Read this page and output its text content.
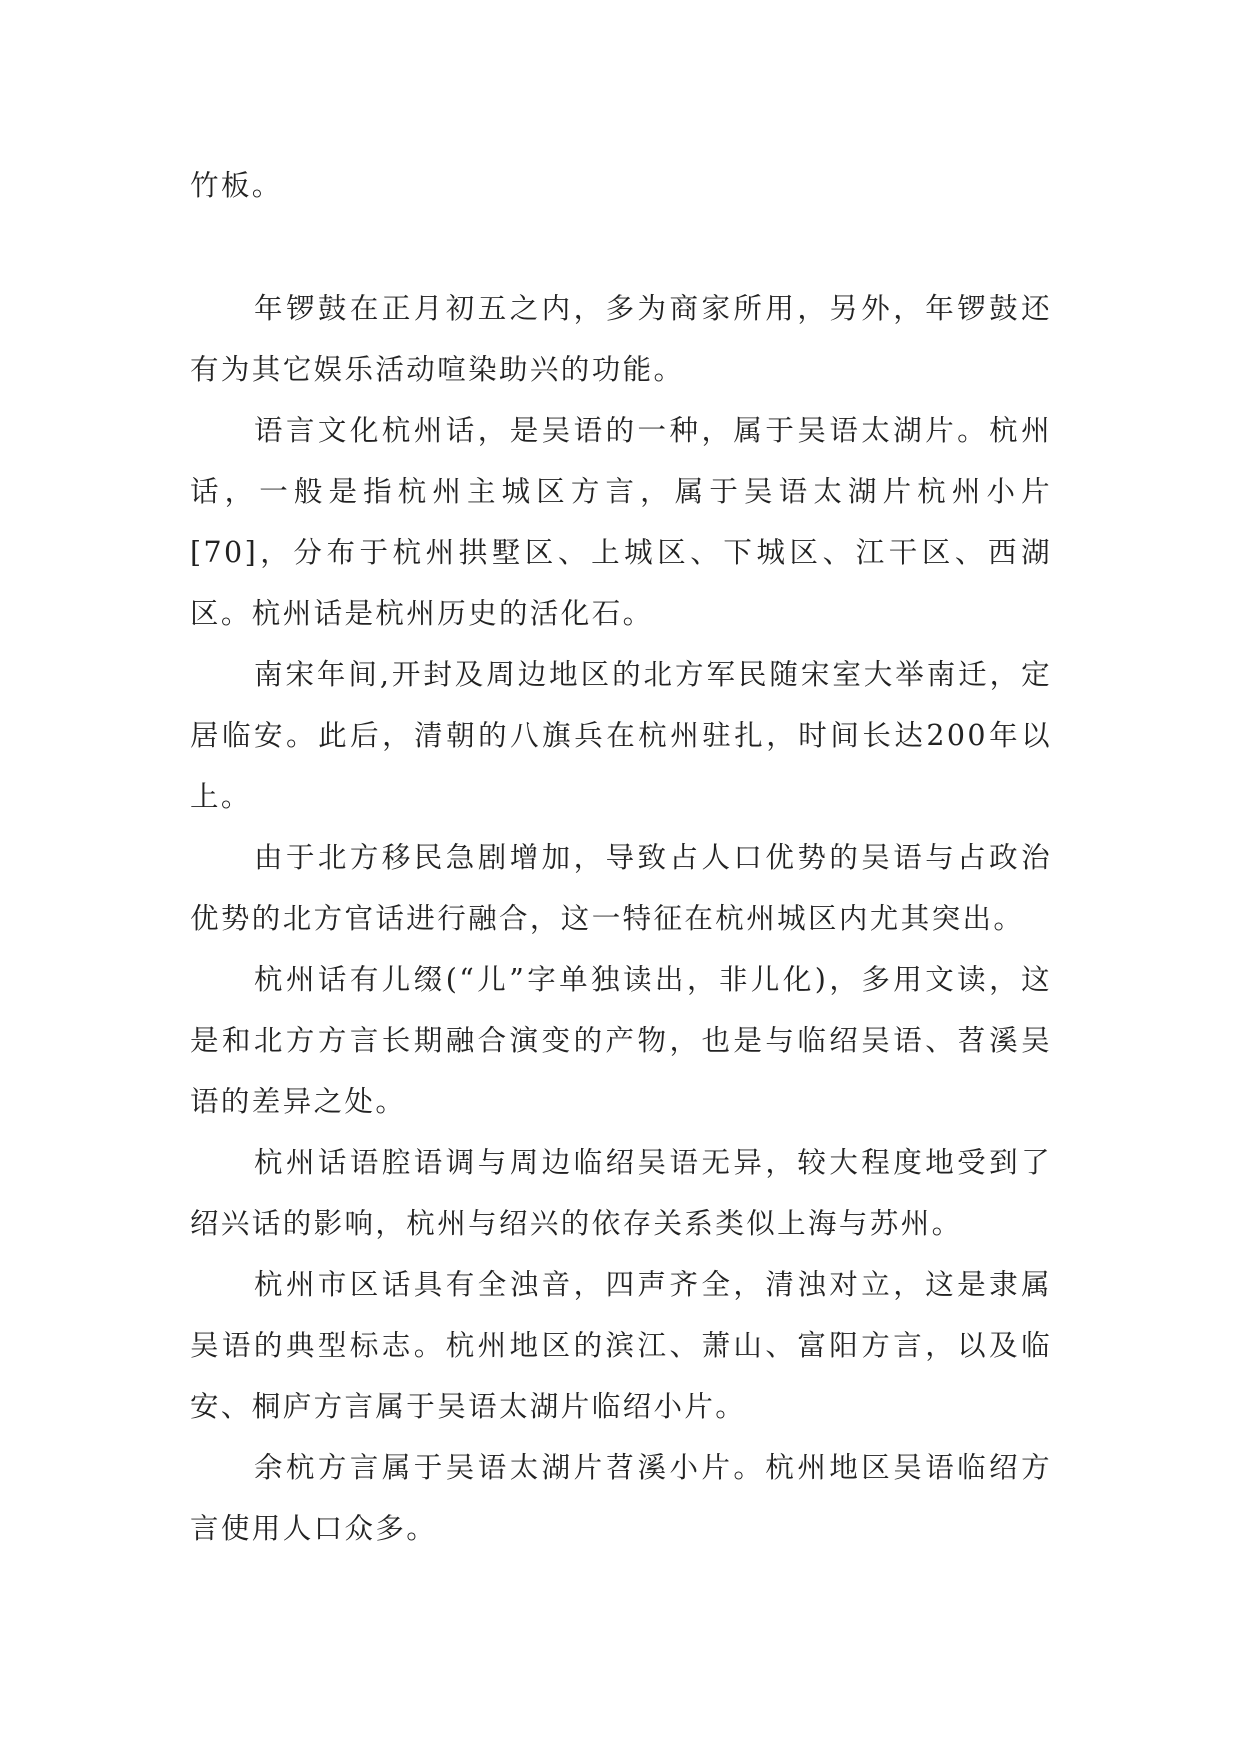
竹板。

年锣鼓在正月初五之内，多为商家所用，另外，年锣鼓还有为其它娱乐活动喧染助兴的功能。

语言文化杭州话，是吴语的一种，属于吴语太湖片。杭州话，一般是指杭州主城区方言，属于吴语太湖片杭州小片[70]，分布于杭州拱墅区、上城区、下城区、江干区、西湖区。杭州话是杭州历史的活化石。

南宋年间,开封及周边地区的北方军民随宋室大举南迁，定居临安。此后，清朝的八旗兵在杭州驻扎，时间长达200年以上。

由于北方移民急剧增加，导致占人口优势的吴语与占政治优势的北方官话进行融合，这一特征在杭州城区内尤其突出。

杭州话有儿缀(“儿”字单独读出，非儿化)，多用文读，这是和北方方言长期融合演变的产物，也是与临绍吴语、苕溪吴语的差异之处。

杭州话语腔语调与周边临绍吴语无异，较大程度地受到了绍兴话的影响，杭州与绍兴的依存关系类似上海与苏州。

杭州市区话具有全浊音，四声齐全，清浊对立，这是隶属吴语的典型标志。杭州地区的滨江、萧山、富阳方言，以及临安、桐庐方言属于吴语太湖片临绍小片。

余杭方言属于吴语太湖片苕溪小片。杭州地区吴语临绍方言使用人口众多。
